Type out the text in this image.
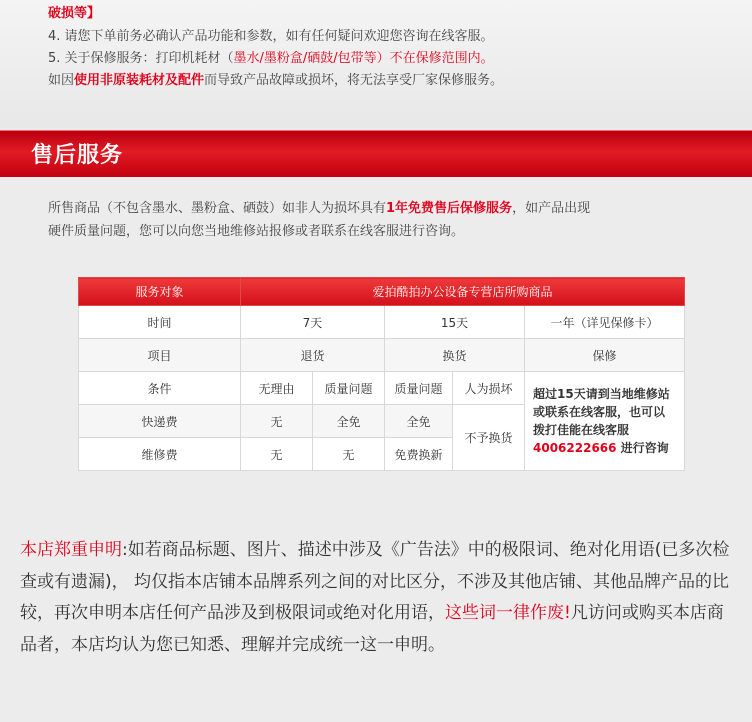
破损等】
4. 请您下单前务必确认产品功能和参数，如有任何疑问欢迎您咨询在线客服。
5. 关于保修服务：打印机耗材（墨水/墨粉盒/硒鼓/包带等）不在保修范围内。
如因使用非原装耗材及配件而导致产品故障或损坏，将无法享受厂家保修服务。
售后服务
所售商品（不包含墨水、墨粉盒、硒鼓）如非人为损坏具有1年免费售后保修服务，如产品出现
硬件质量问题，您可以向您当地维修站报修或者联系在线客服进行咨询。
服务对象	爱拍酷拍办公设备专营店所购商品				
时间	7天		15天		一年（详见保修卡）
项目	退货		换货		保修
条件	无理由	质量问题	质量问题	人为损坏	超过15天请到当地维修站或联系在线客服，也可以拨打佳能在线客服4006222666 进行咨询
快递费	无	全免	全免	不予换货	
维修费	无	无	免费换新		
本店郑重申明:如若商品标题、图片、描述中涉及《广告法》中的极限词、绝对化用语(已多次检查或有遗漏)， 均仅指本店铺本品牌系列之间的对比区分，不涉及其他店铺、其他品牌产品的比较，再次申明本店任何产品涉及到极限词或绝对化用语，这些词一律作废!凡访问或购买本店商品者，本店均认为您已知悉、理解并完成统一这一申明。
